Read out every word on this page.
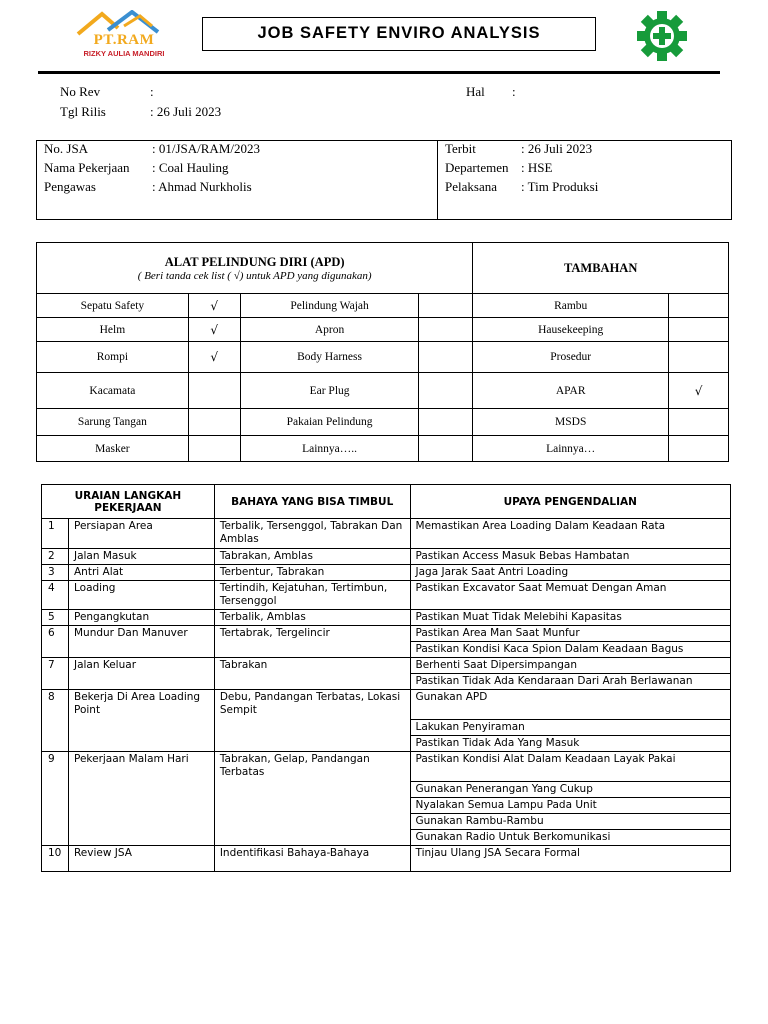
PT.RAM
RIZKY AULIA MANDIRI
JOB SAFETY ENVIRO ANALYSIS
No Rev	:	Hal :
Tgl Rilis	: 26 Juli 2023
No. JSA	: 01/JSA/RAM/2023
Nama Pekerjaan : Coal Hauling
Pengawas	: Ahmad Nurkholis
Terbit	: 26 Juli 2023
Departemen : HSE
Pelaksana : Tim Produksi
ALAT PELINDUNG DIRI (APD)
( Beri tanda cek list ( √) untuk APD yang digunakan)				TAMBAHAN	
Sepatu Safety	√	Pelindung Wajah		Rambu	
Helm	√	Apron		Hausekeeping	
Rompi	√	Body Harness		Prosedur	
Kacamata		Ear Plug		APAR	√
Sarung Tangan		Pakaian Pelindung		MSDS	
Masker		Lainnya…..		Lainnya…	
URAIAN LANGKAH PEKERJAAN		BAHAYA YANG BISA TIMBUL	UPAYA PENGENDALIAN
1	Persiapan Area	Terbalik, Tersenggol, Tabrakan Dan Amblas	Memastikan Area Loading Dalam Keadaan Rata
2	Jalan Masuk	Tabrakan, Amblas	Pastikan Access Masuk Bebas Hambatan
3	Antri Alat	Terbentur, Tabrakan	Jaga Jarak Saat Antri Loading
4	Loading	Tertindih, Kejatuhan, Tertimbun, Tersenggol	Pastikan Excavator Saat Memuat Dengan Aman
5	Pengangkutan	Terbalik, Amblas	Pastikan Muat Tidak Melebihi Kapasitas
6	Mundur Dan Manuver	Tertabrak, Tergelincir	Pastikan Area Man Saat Munfur
			Pastikan Kondisi Kaca Spion Dalam Keadaan Bagus
7	Jalan Keluar	Tabrakan	Berhenti Saat Dipersimpangan
			Pastikan Tidak Ada Kendaraan Dari Arah Berlawanan
8	Bekerja Di Area Loading Point	Debu, Pandangan Terbatas, Lokasi Sempit	Gunakan APD
			Lakukan Penyiraman
			Pastikan Tidak Ada Yang Masuk
9	Pekerjaan Malam Hari	Tabrakan, Gelap, Pandangan Terbatas	Pastikan Kondisi Alat Dalam Keadaan Layak Pakai
			Gunakan Penerangan Yang Cukup
			Nyalakan Semua Lampu Pada Unit
			Gunakan Rambu-Rambu
			Gunakan Radio Untuk Berkomunikasi
10	Review JSA	Indentifikasi Bahaya-Bahaya	Tinjau Ulang JSA Secara Formal
